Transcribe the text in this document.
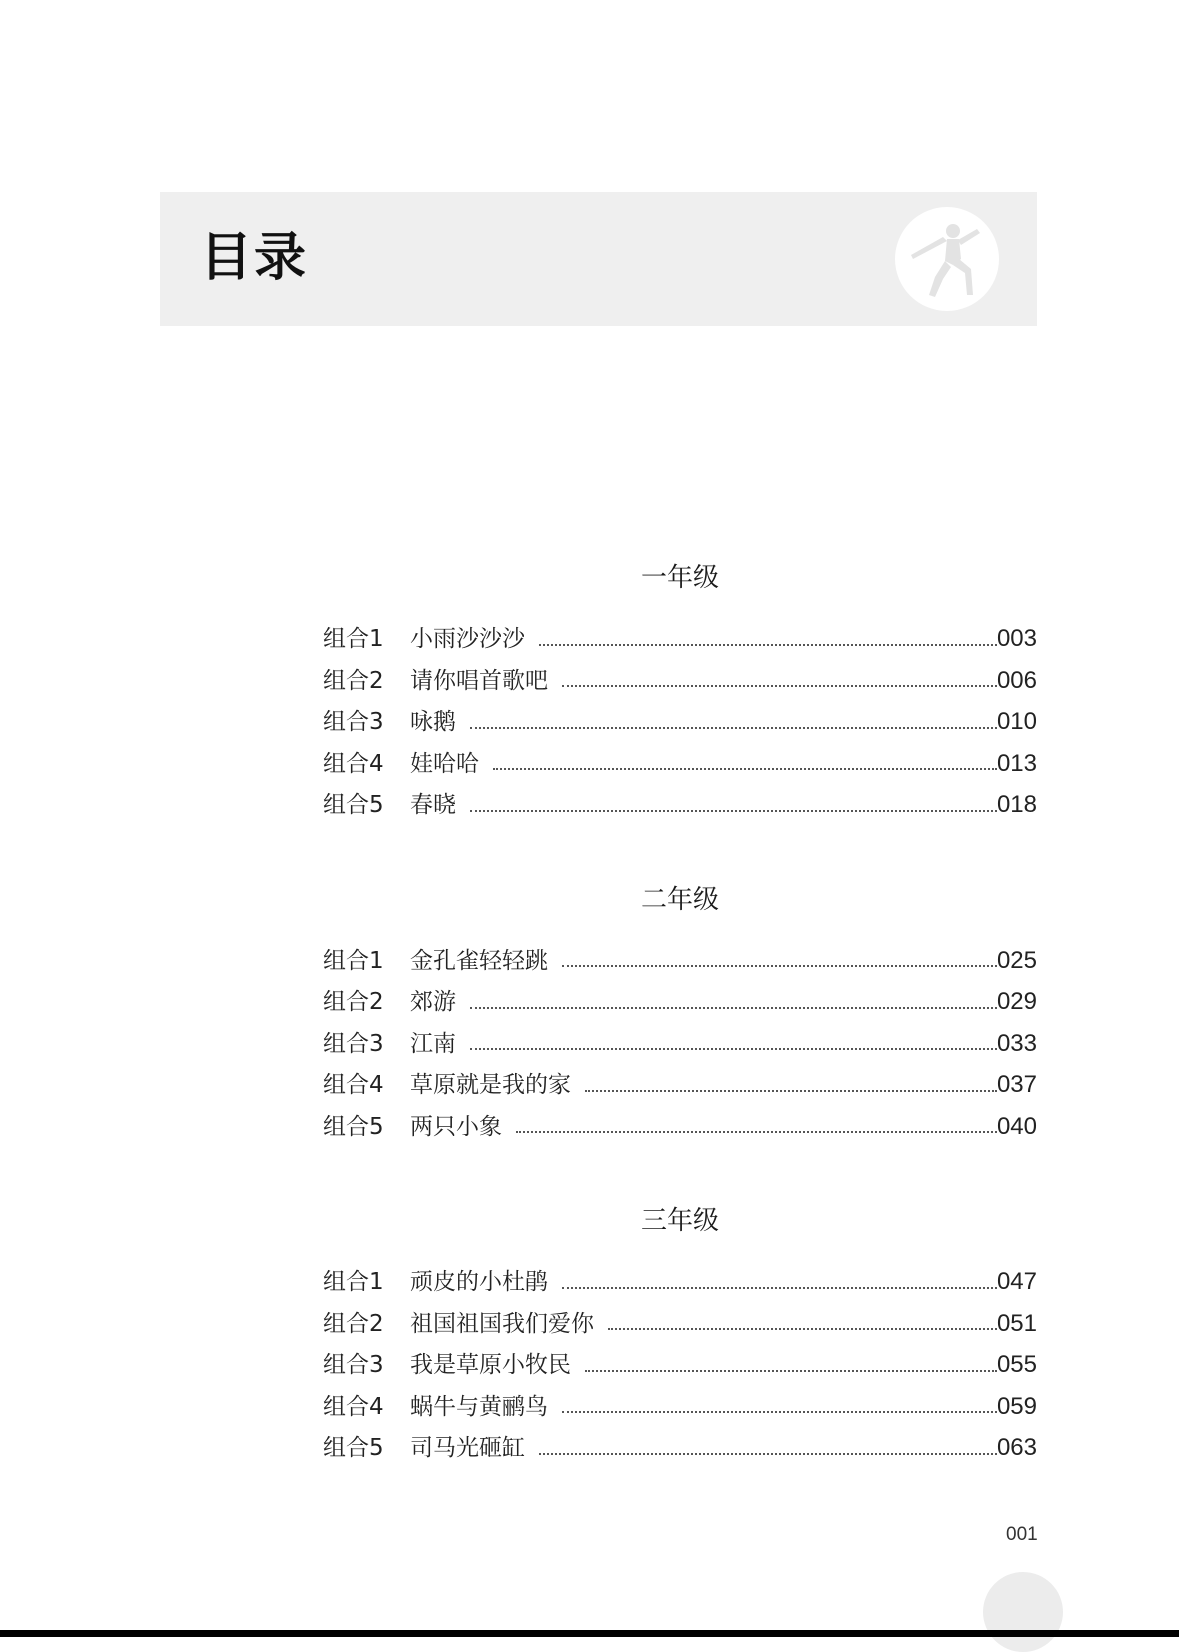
目录
一年级
组合1	小雨沙沙沙	003
组合2	请你唱首歌吧	006
组合3	咏鹅	010
组合4	娃哈哈	013
组合5	春晓	018
二年级
组合1	金孔雀轻轻跳	025
组合2	郊游	029
组合3	江南	033
组合4	草原就是我的家	037
组合5	两只小象	040
三年级
组合1	顽皮的小杜鹃	047
组合2	祖国祖国我们爱你	051
组合3	我是草原小牧民	055
组合4	蜗牛与黄鹂鸟	059
组合5	司马光砸缸	063
001
